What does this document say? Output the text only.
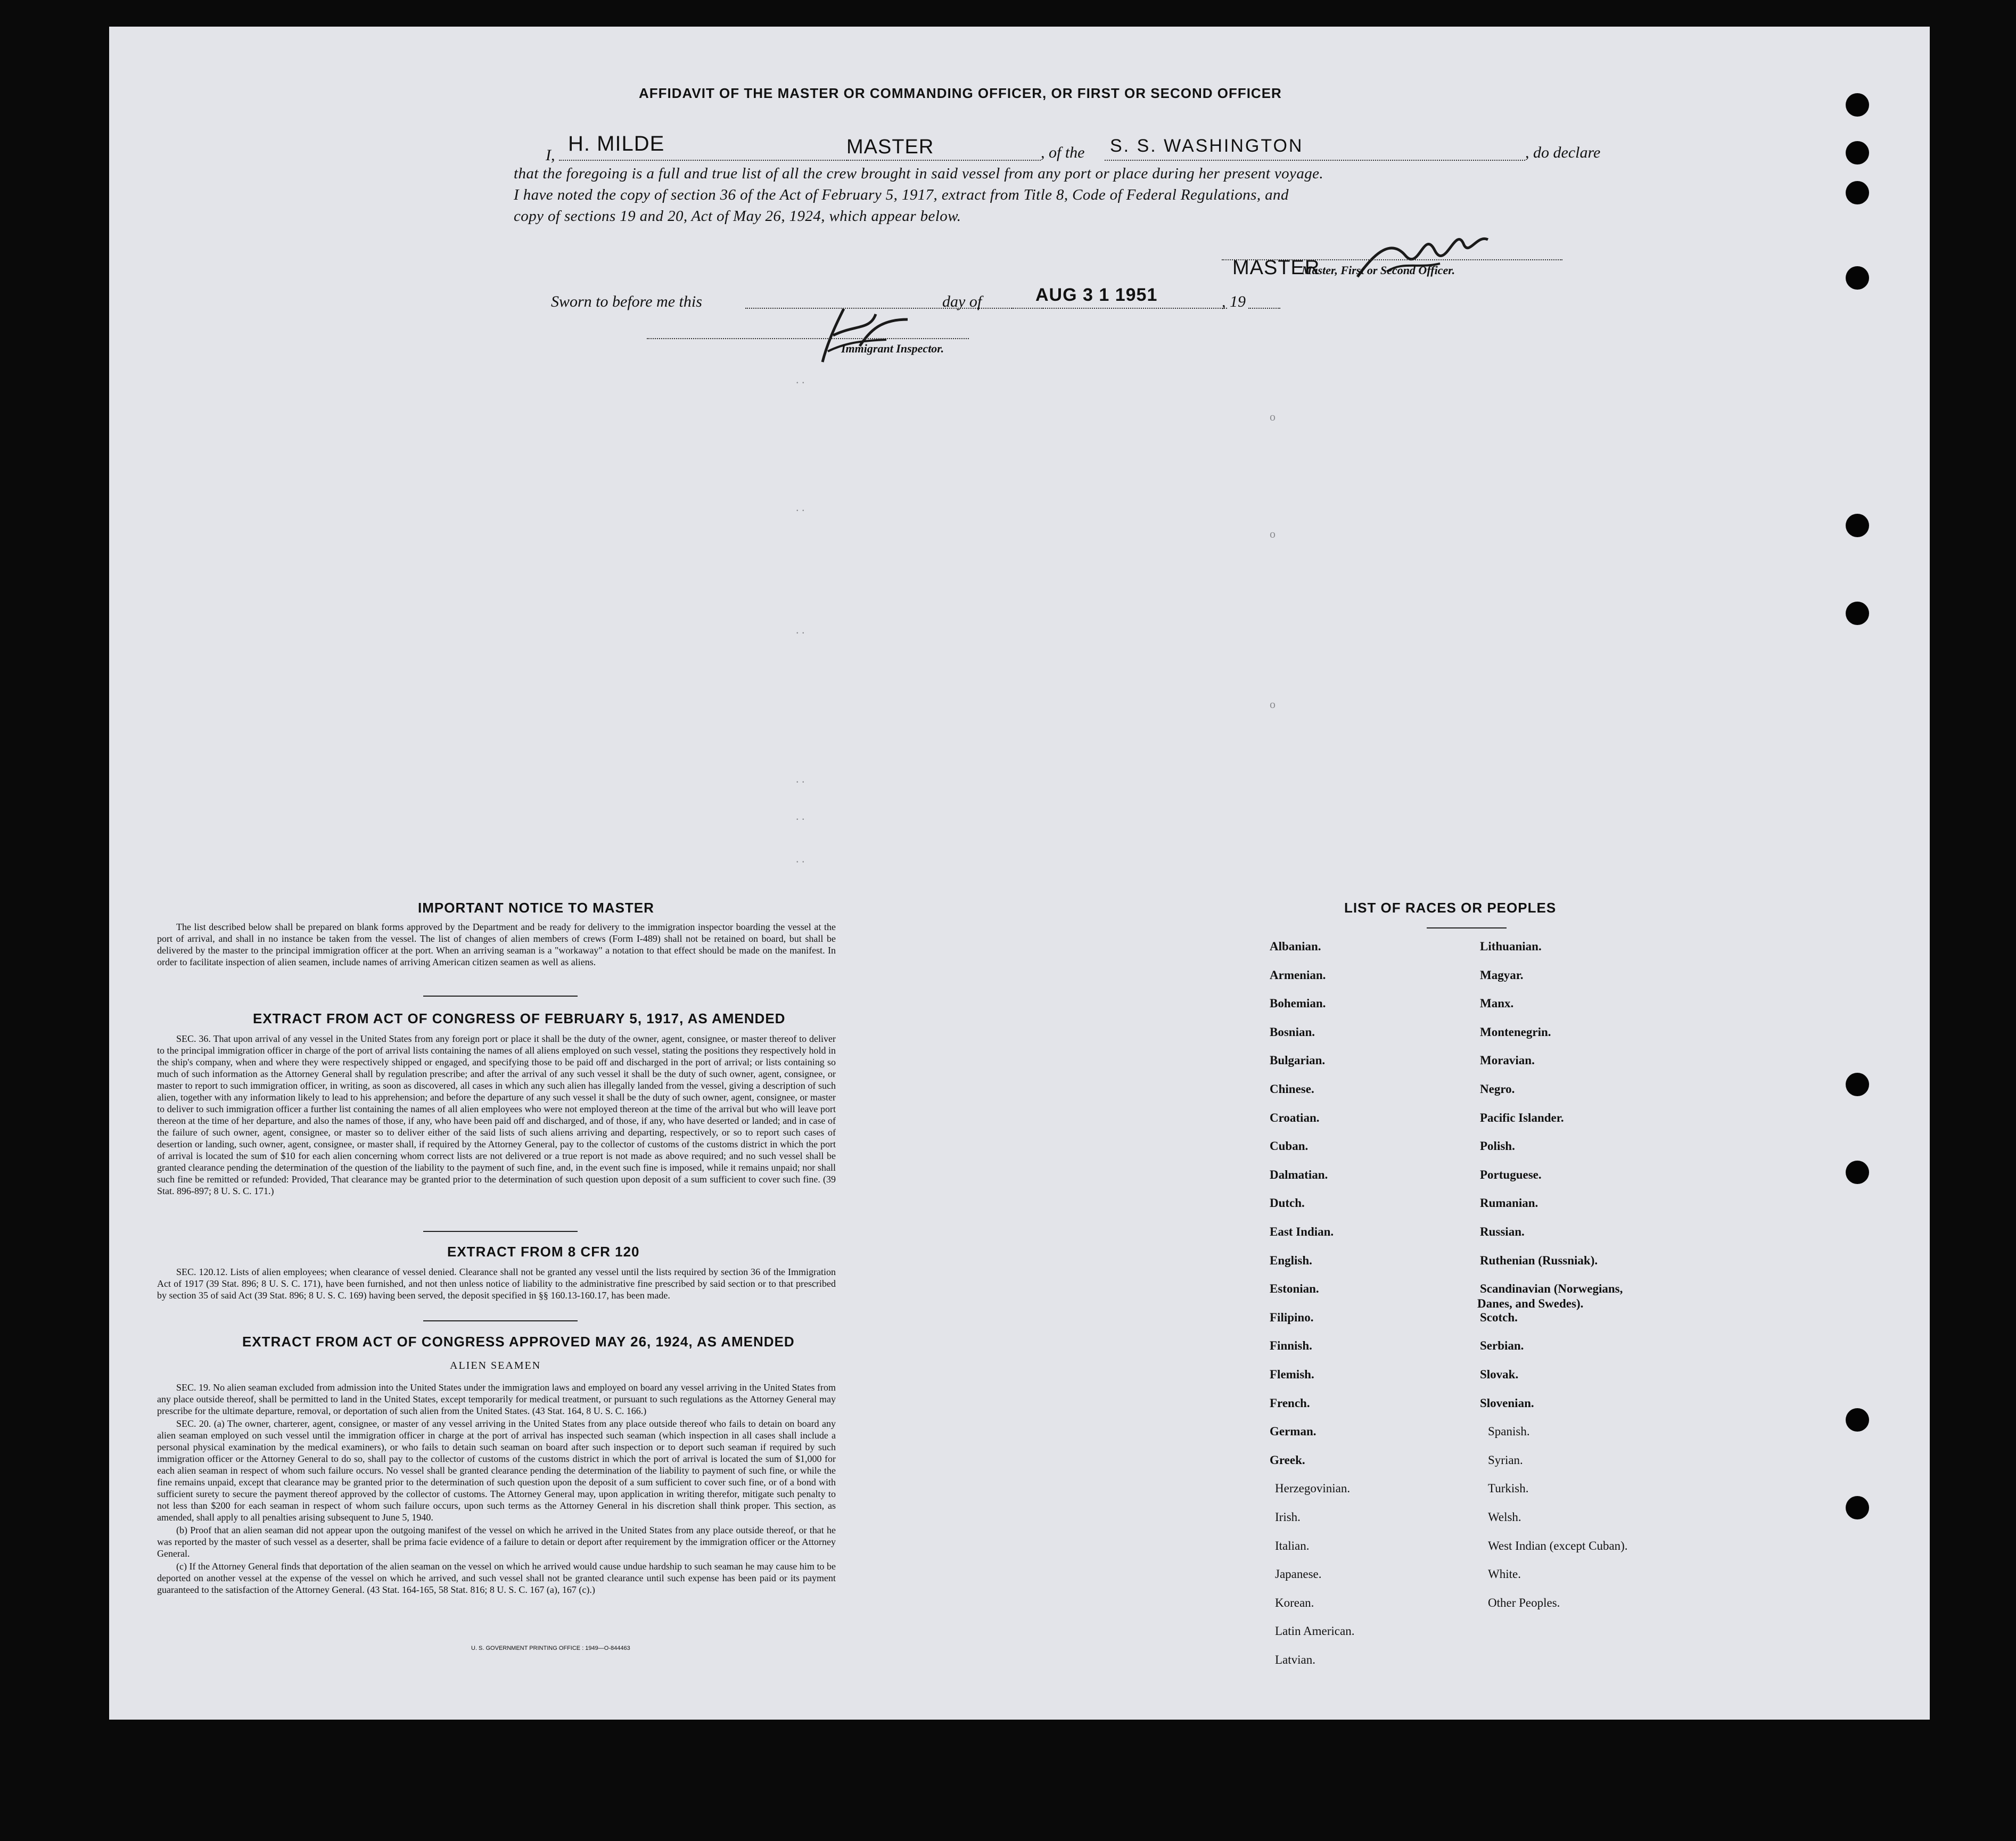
. .
. .
. .
. .
. .
. .
o
o
o
AFFIDAVIT OF THE MASTER OR COMMANDING OFFICER, OR FIRST OR SECOND OFFICER
I, H. MILDE	MASTER	, of the S. S. WASHINGTON	, do declare
that the foregoing is a full and true list of all the crew brought in said vessel from any port or place during her present voyage.
I have noted the copy of section 36 of the Act of February 5, 1917, extract from Title 8, Code of Federal Regulations, and
copy of sections 19 and 20, Act of May 26, 1924, which appear below.
MASTER
Master, First or Second Officer.
Sworn to before me this	day of	AUG 3 1 1951	, 19
Immigrant Inspector.
IMPORTANT NOTICE TO MASTER

The list described below shall be prepared on blank forms approved by the Department and be ready for delivery to the immigration inspector boarding the vessel at the port of arrival, and shall in no instance be taken from the vessel. The list of changes of alien members of crews (Form I-489) shall not be retained on board, but shall be delivered by the master to the principal immigration officer at the port. When an arriving seaman is a "workaway" a notation to that effect should be made on the manifest. In order to facilitate inspection of alien seamen, include names of arriving American citizen seamen as well as aliens.

EXTRACT FROM ACT OF CONGRESS OF FEBRUARY 5, 1917, AS AMENDED

SEC. 36. That upon arrival of any vessel in the United States from any foreign port or place it shall be the duty of the owner, agent, consignee, or master thereof to deliver to the principal immigration officer in charge of the port of arrival lists containing the names of all aliens employed on such vessel, stating the positions they respectively hold in the ship's company, when and where they were respectively shipped or engaged, and specifying those to be paid off and discharged in the port of arrival; or lists containing so much of such information as the Attorney General shall by regulation prescribe; and after the arrival of any such vessel it shall be the duty of such owner, agent, consignee, or master to report to such immigration officer, in writing, as soon as discovered, all cases in which any such alien has illegally landed from the vessel, giving a description of such alien, together with any information likely to lead to his apprehension; and before the departure of any such vessel it shall be the duty of such owner, agent, consignee, or master to deliver to such immigration officer a further list containing the names of all alien employees who were not employed thereon at the time of the arrival but who will leave port thereon at the time of her departure, and also the names of those, if any, who have been paid off and discharged, and of those, if any, who have deserted or landed; and in case of the failure of such owner, agent, consignee, or master so to deliver either of the said lists of such aliens arriving and departing, respectively, or so to report such cases of desertion or landing, such owner, agent, consignee, or master shall, if required by the Attorney General, pay to the collector of customs of the customs district in which the port of arrival is located the sum of $10 for each alien concerning whom correct lists are not delivered or a true report is not made as above required; and no such vessel shall be granted clearance pending the determination of the question of the liability to the payment of such fine, and, in the event such fine is imposed, while it remains unpaid; nor shall such fine be remitted or refunded: Provided, That clearance may be granted prior to the determination of such question upon deposit of a sum sufficient to cover such fine. (39 Stat. 896-897; 8 U. S. C. 171.)

EXTRACT FROM 8 CFR 120

SEC. 120.12. Lists of alien employees; when clearance of vessel denied. Clearance shall not be granted any vessel until the lists required by section 36 of the Immigration Act of 1917 (39 Stat. 896; 8 U. S. C. 171), have been furnished, and not then unless notice of liability to the administrative fine prescribed by said section or to that prescribed by section 35 of said Act (39 Stat. 896; 8 U. S. C. 169) having been served, the deposit specified in §§ 160.13-160.17, has been made.

EXTRACT FROM ACT OF CONGRESS APPROVED MAY 26, 1924, AS AMENDED
ALIEN SEAMEN

SEC. 19. No alien seaman excluded from admission into the United States under the immigration laws and employed on board any vessel arriving in the United States from any place outside thereof, shall be permitted to land in the United States, except temporarily for medical treatment, or pursuant to such regulations as the Attorney General may prescribe for the ultimate departure, removal, or deportation of such alien from the United States. (43 Stat. 164, 8 U. S. C. 166.)

SEC. 20. (a) The owner, charterer, agent, consignee, or master of any vessel arriving in the United States from any place outside thereof who fails to detain on board any alien seaman employed on such vessel until the immigration officer in charge at the port of arrival has inspected such seaman (which inspection in all cases shall include a personal physical examination by the medical examiners), or who fails to detain such seaman on board after such inspection or to deport such seaman if required by such immigration officer or the Attorney General to do so, shall pay to the collector of customs of the customs district in which the port of arrival is located the sum of $1,000 for each alien seaman in respect of whom such failure occurs. No vessel shall be granted clearance pending the determination of the liability to payment of such fine, or while the fine remains unpaid, except that clearance may be granted prior to the determination of such question upon the deposit of a sum sufficient to cover such fine, or of a bond with sufficient surety to secure the payment thereof approved by the collector of customs. The Attorney General may, upon application in writing therefor, mitigate such penalty to not less than $200 for each seaman in respect of whom such failure occurs, upon such terms as the Attorney General in his discretion shall think proper. This section, as amended, shall apply to all penalties arising subsequent to June 5, 1940.

(b) Proof that an alien seaman did not appear upon the outgoing manifest of the vessel on which he arrived in the United States from any place outside thereof, or that he was reported by the master of such vessel as a deserter, shall be prima facie evidence of a failure to detain or deport after requirement by the immigration officer or the Attorney General.

(c) If the Attorney General finds that deportation of the alien seaman on the vessel on which he arrived would cause undue hardship to such seaman he may cause him to be deported on another vessel at the expense of the vessel on which he arrived, and such vessel shall not be granted clearance until such expense has been paid or its payment guaranteed to the satisfaction of the Attorney General. (43 Stat. 164-165, 58 Stat. 816; 8 U. S. C. 167 (a), 167 (c).)

U. S. GOVERNMENT PRINTING OFFICE : 1949—O-844463
LIST OF RACES OR PEOPLES
Albanian.
Armenian.
Bohemian.
Bosnian.
Bulgarian.
Chinese.
Croatian.
Cuban.
Dalmatian.
Dutch.
East Indian.
English.
Estonian.
Filipino.
Finnish.
Flemish.
French.
German.
Greek.
Herzegovinian.
Irish.
Italian.
Japanese.
Korean.
Latin American.
Latvian.
Lithuanian.
Magyar.
Manx.
Montenegrin.
Moravian.
Negro.
Pacific Islander.
Polish.
Portuguese.
Rumanian.
Russian.
Ruthenian (Russniak).
Scandinavian (Norwegians,
Danes, and Swedes).
Scotch.
Serbian.
Slovak.
Slovenian.
Spanish.
Syrian.
Turkish.
Welsh.
West Indian (except Cuban).
White.
Other Peoples.
